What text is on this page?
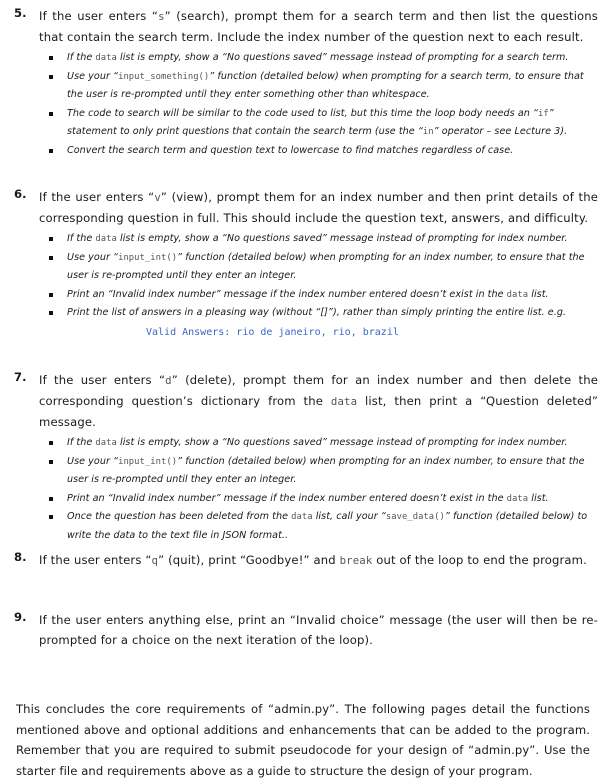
5. If the user enters “s” (search), prompt them for a search term and then list the questions that contain the search term. Include the index number of the question next to each result.
If the data list is empty, show a “No questions saved” message instead of prompting for a search term.
Use your “input_something()” function (detailed below) when prompting for a search term, to ensure that the user is re-prompted until they enter something other than whitespace.
The code to search will be similar to the code used to list, but this time the loop body needs an “if” statement to only print questions that contain the search term (use the “in” operator – see Lecture 3).
Convert the search term and question text to lowercase to find matches regardless of case.
6. If the user enters “v” (view), prompt them for an index number and then print details of the corresponding question in full. This should include the question text, answers, and difficulty.
If the data list is empty, show a “No questions saved” message instead of prompting for index number.
Use your “input_int()” function (detailed below) when prompting for an index number, to ensure that the user is re-prompted until they enter an integer.
Print an “Invalid index number” message if the index number entered doesn’t exist in the data list.
Print the list of answers in a pleasing way (without “[]”), rather than simply printing the entire list. e.g.
Valid Answers: rio de janeiro, rio, brazil
7. If the user enters “d” (delete), prompt them for an index number and then delete the corresponding question’s dictionary from the data list, then print a “Question deleted” message.
If the data list is empty, show a “No questions saved” message instead of prompting for index number.
Use your “input_int()” function (detailed below) when prompting for an index number, to ensure that the user is re-prompted until they enter an integer.
Print an “Invalid index number” message if the index number entered doesn’t exist in the data list.
Once the question has been deleted from the data list, call your “save_data()” function (detailed below) to write the data to the text file in JSON format..
8. If the user enters “q” (quit), print “Goodbye!” and break out of the loop to end the program.
9. If the user enters anything else, print an “Invalid choice” message (the user will then be re-prompted for a choice on the next iteration of the loop).
This concludes the core requirements of “admin.py”. The following pages detail the functions mentioned above and optional additions and enhancements that can be added to the program. Remember that you are required to submit pseudocode for your design of “admin.py”. Use the starter file and requirements above as a guide to structure the design of your program.
